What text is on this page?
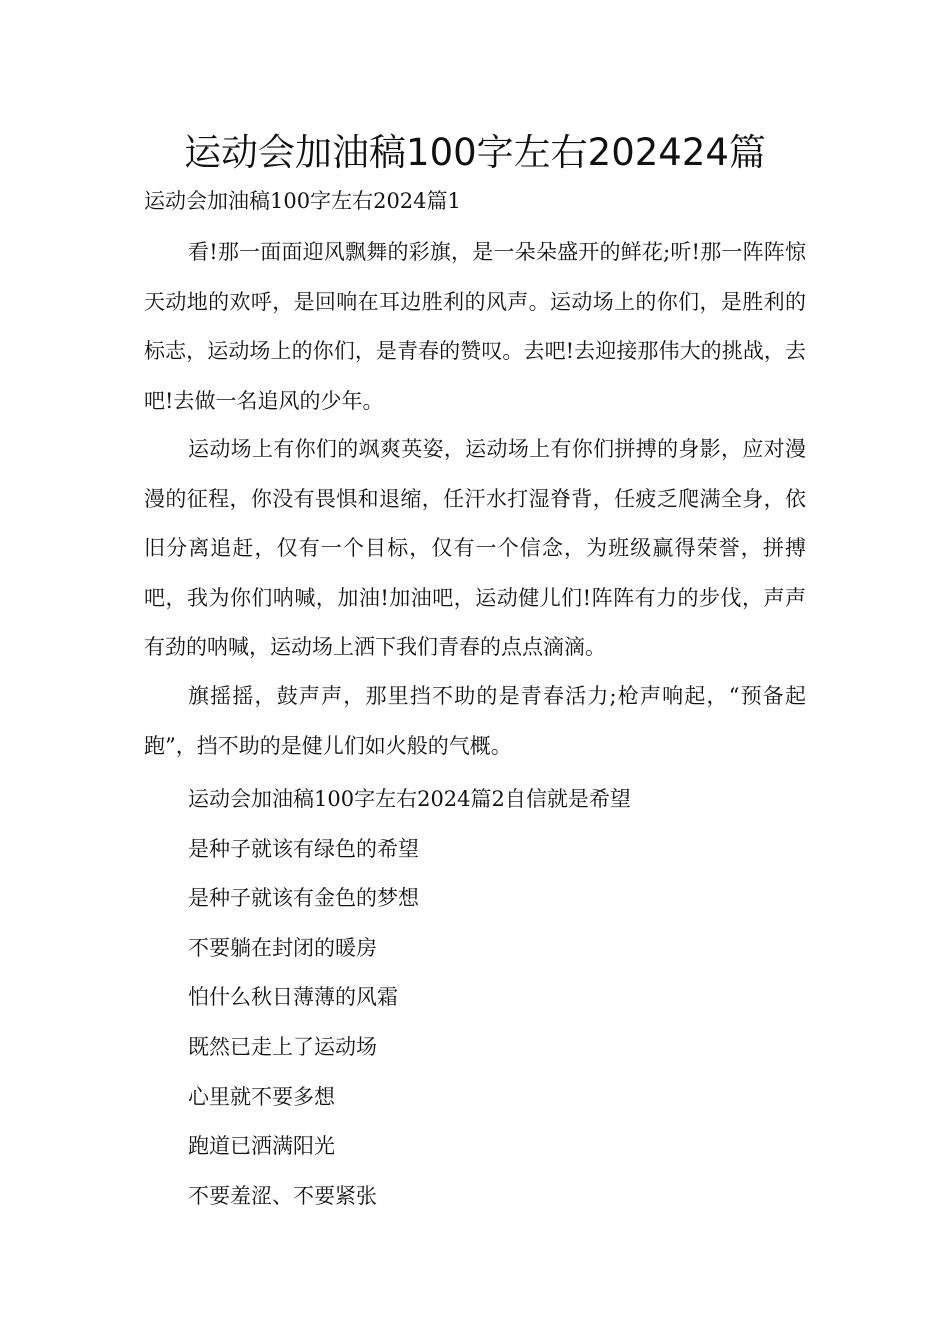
运动会加油稿100字左右202424篇

运动会加油稿100字左右2024篇1

看!那一面面迎风飘舞的彩旗，是一朵朵盛开的鲜花;听!那一阵阵惊天动地的欢呼，是回响在耳边胜利的风声。运动场上的你们，是胜利的标志，运动场上的你们，是青春的赞叹。去吧!去迎接那伟大的挑战，去吧!去做一名追风的少年。

运动场上有你们的飒爽英姿，运动场上有你们拼搏的身影，应对漫漫的征程，你没有畏惧和退缩，任汗水打湿脊背，任疲乏爬满全身，依旧分离追赶，仅有一个目标，仅有一个信念，为班级赢得荣誉，拼搏吧，我为你们呐喊，加油!加油吧，运动健儿们!阵阵有力的步伐，声声有劲的呐喊，运动场上洒下我们青春的点点滴滴。

旗摇摇，鼓声声，那里挡不助的是青春活力;枪声响起，“预备起跑”，挡不助的是健儿们如火般的气概。

运动会加油稿100字左右2024篇2自信就是希望

是种子就该有绿色的希望

是种子就该有金色的梦想

不要躺在封闭的暖房

怕什么秋日薄薄的风霜

既然已走上了运动场

心里就不要多想

跑道已洒满阳光

不要羞涩、不要紧张
